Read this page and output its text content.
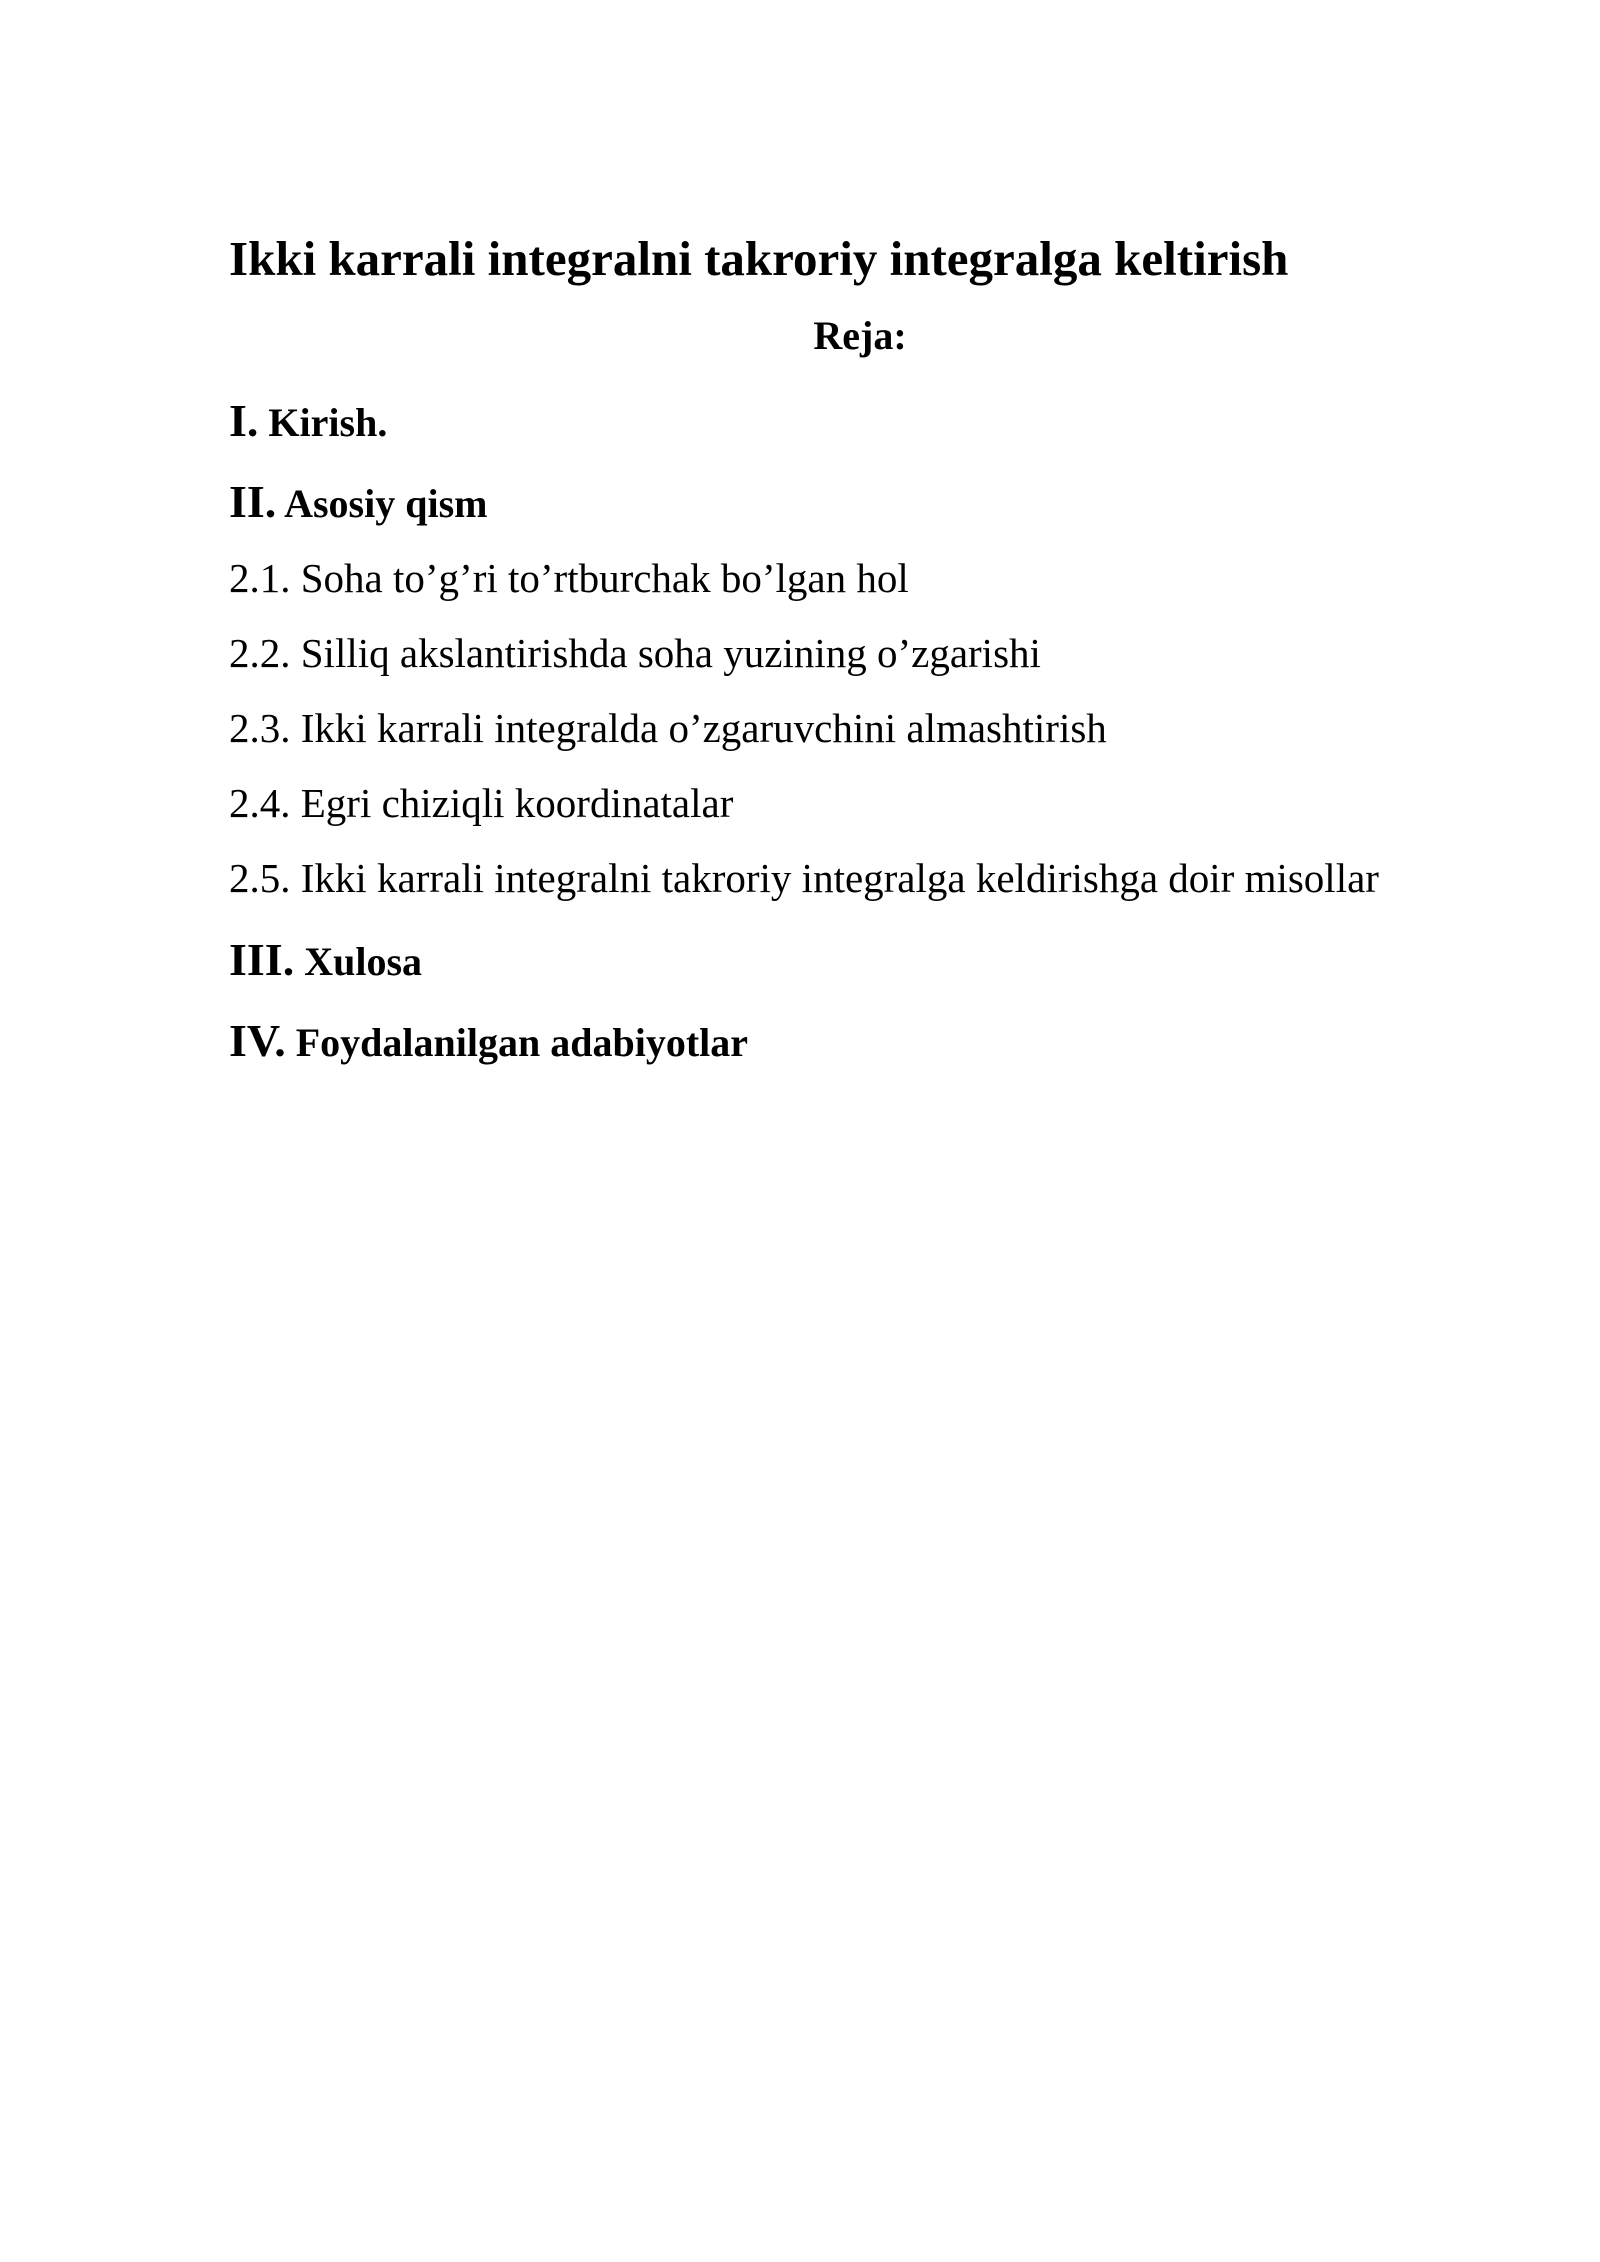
Ikki karrali integralni takroriy integralga keltirish
Reja:
I. Kirish.
II. Asosiy qism
2.1. Soha to’g’ri to’rtburchak bo’lgan hol
2.2. Silliq akslantirishda soha yuzining o’zgarishi
2.3. Ikki karrali integralda o’zgaruvchini almashtirish
2.4. Egri chiziqli koordinatalar
2.5. Ikki karrali integralni takroriy integralga keldirishga doir misollar
III. Xulosa
IV. Foydalanilgan adabiyotlar
